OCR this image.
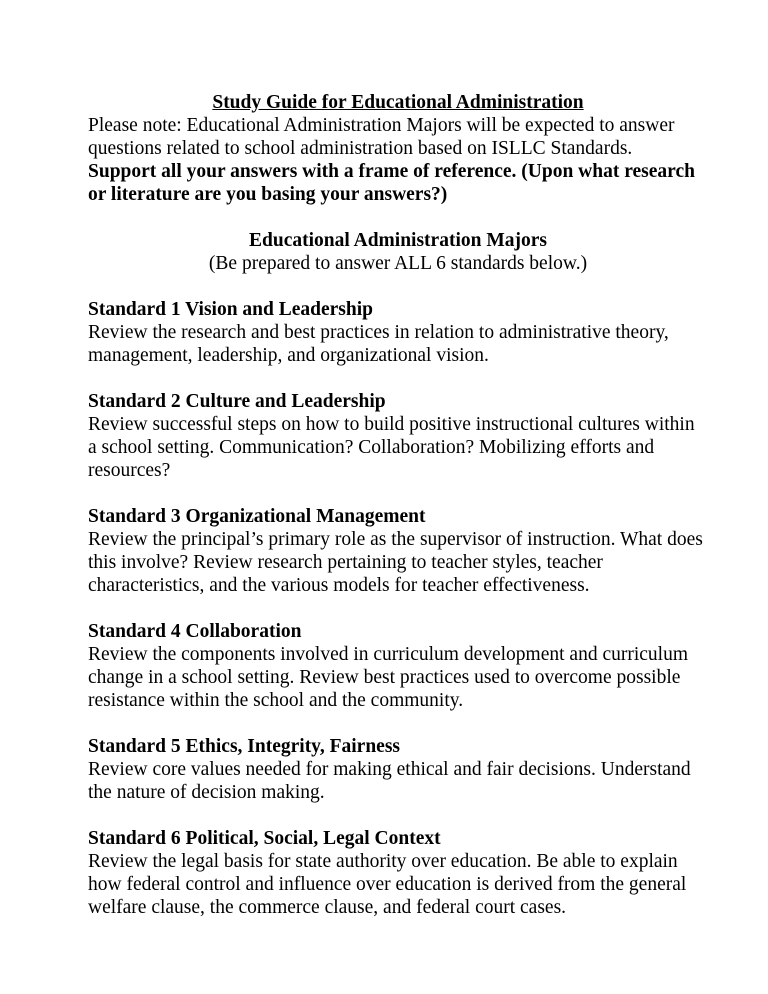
Study Guide for Educational Administration

Please note: Educational Administration Majors will be expected to answer questions related to school administration based on ISLLC Standards.

Support all your answers with a frame of reference. (Upon what research or literature are you basing your answers?)

Educational Administration Majors
(Be prepared to answer ALL 6 standards below.)

Standard 1 Vision and Leadership

Review the research and best practices in relation to administrative theory, management, leadership, and organizational vision.

Standard 2 Culture and Leadership

Review successful steps on how to build positive instructional cultures within a school setting. Communication? Collaboration? Mobilizing efforts and resources?

Standard 3 Organizational Management

Review the principal’s primary role as the supervisor of instruction. What does this involve? Review research pertaining to teacher styles, teacher characteristics, and the various models for teacher effectiveness.

Standard 4 Collaboration

Review the components involved in curriculum development and curriculum change in a school setting. Review best practices used to overcome possible resistance within the school and the community.

Standard 5 Ethics, Integrity, Fairness

Review core values needed for making ethical and fair decisions. Understand the nature of decision making.

Standard 6 Political, Social, Legal Context

Review the legal basis for state authority over education. Be able to explain how federal control and influence over education is derived from the general welfare clause, the commerce clause, and federal court cases.
